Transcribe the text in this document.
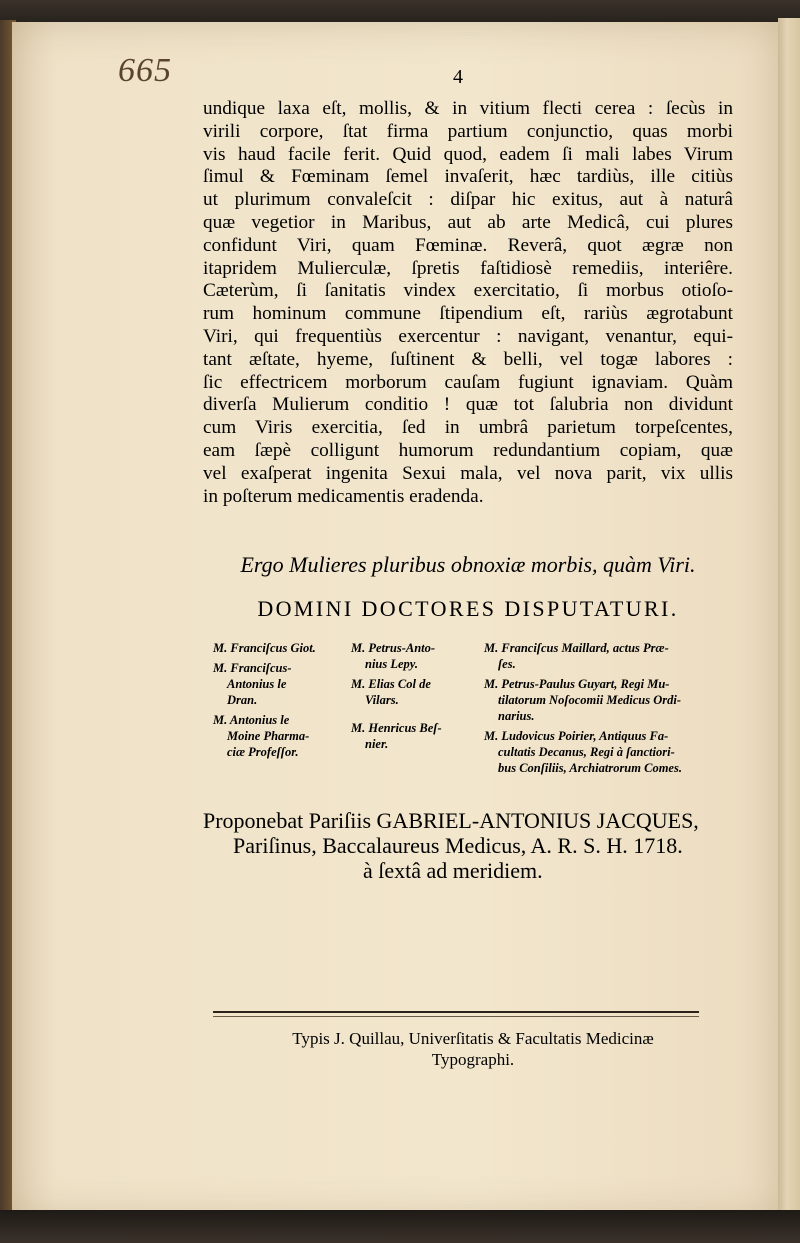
665	4
undique laxa eſt, mollis, & in vitium flecti cerea : ſecùs in
virili corpore, ſtat firma partium conjunctio, quas morbi
vis haud facile ferit. Quid quod, eadem ſi mali labes Virum
ſimul & Fœminam ſemel invaſerit, hæc tardiùs, ille citiùs
ut plurimum convaleſcit : diſpar hic exitus, aut à naturâ
quæ vegetior in Maribus, aut ab arte Medicâ, cui plures
confidunt Viri, quam Fœminæ. Reverâ, quot ægræ non
itapridem Mulierculæ, ſpretis faſtidiosè remediis, interiêre.
Cæterùm, ſi ſanitatis vindex exercitatio, ſi morbus otioſo-
rum hominum commune ſtipendium eſt, rariùs ægrotabunt
Viri, qui frequentiùs exercentur : navigant, venantur, equi-
tant æſtate, hyeme, ſuſtinent & belli, vel togæ labores :
ſic effectricem morborum cauſam fugiunt ignaviam. Quàm
diverſa Mulierum conditio ! quæ tot ſalubria non dividunt
cum Viris exercitia, ſed in umbrâ parietum torpeſcentes,
eam ſæpè colligunt humorum redundantium copiam, quæ
vel exaſperat ingenita Sexui mala, vel nova parit, vix ullis
in poſterum medicamentis eradenda.
Ergo Mulieres pluribus obnoxiæ morbis, quàm Viri.
DOMINI DOCTORES DISPUTATURI.
M. Franciſcus Giot.
M. Franciſcus-
Antonius le
Dran.
M. Antonius le
Moine Pharma-
ciæ Profeſſor.
M. Petrus-Anto-
nius Lepy.
M. Elias Col de
Vilars.
M. Henricus Beſ-
nier.
M. Franciſcus Maillard, actus Præ-
ſes.
M. Petrus-Paulus Guyart, Regi Mu-
tilatorum Noſocomii Medicus Ordi-
narius.
M. Ludovicus Poirier, Antiquus Fa-
cultatis Decanus, Regi à ſanctiori-
bus Conſiliis, Archiatrorum Comes.
Proponebat Pariſiis GABRIEL-ANTONIUS JACQUES,
Pariſinus, Baccalaureus Medicus, A. R. S. H. 1718.
à ſextâ ad meridiem.
Typis J. Quillau, Univerſitatis & Facultatis Medicinæ
Typographi.
